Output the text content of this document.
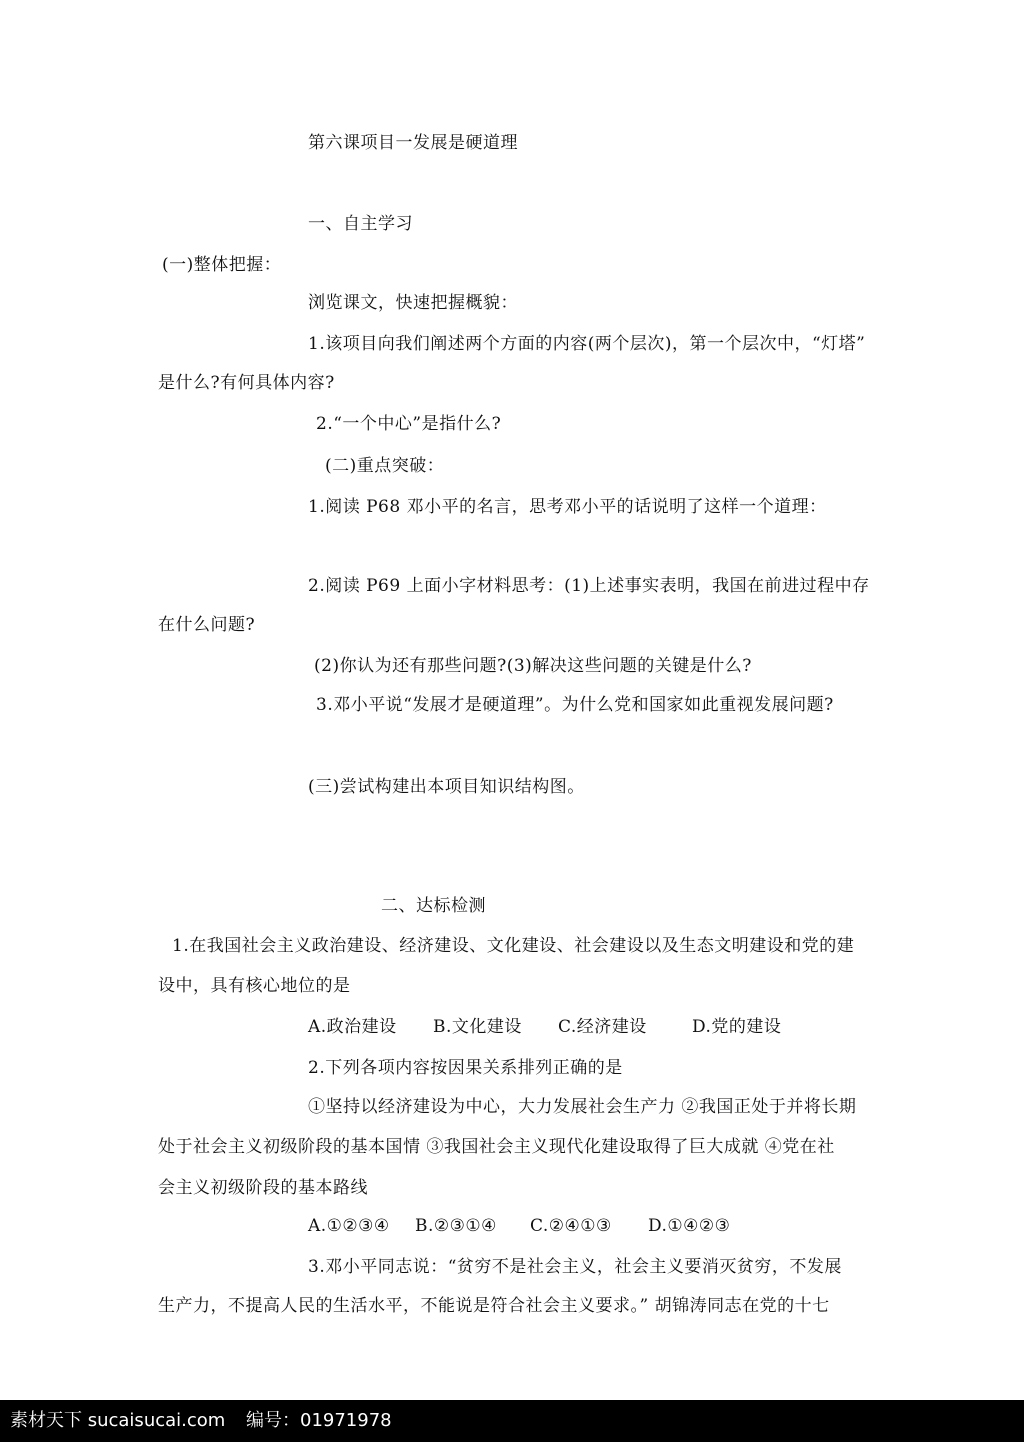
第六课项目一发展是硬道理
一、自主学习
(一)整体把握：
浏览课文，快速把握概貌：
1.该项目向我们阐述两个方面的内容(两个层次)，第一个层次中，“灯塔”
是什么?有何具体内容?
2.“一个中心”是指什么?
(二)重点突破：
1.阅读 P68 邓小平的名言，思考邓小平的话说明了这样一个道理：
2.阅读 P69 上面小字材料思考：(1)上述事实表明，我国在前进过程中存
在什么问题?
(2)你认为还有那些问题?(3)解决这些问题的关键是什么?
3.邓小平说“发展才是硬道理”。为什么党和国家如此重视发展问题?
(三)尝试构建出本项目知识结构图。
二、达标检测
1.在我国社会主义政治建设、经济建设、文化建设、社会建设以及生态文明建设和党的建
设中，具有核心地位的是
A.政治建设 B.文化建设 C.经济建设	D.党的建设
2.下列各项内容按因果关系排列正确的是
①坚持以经济建设为中心，大力发展社会生产力 ②我国正处于并将长期
处于社会主义初级阶段的基本国情 ③我国社会主义现代化建设取得了巨大成就 ④党在社
会主义初级阶段的基本路线
A.①②③④ B.②③①④ C.②④①③ D.①④②③
3.邓小平同志说：“贫穷不是社会主义，社会主义要消灭贫穷，不发展
生产力，不提高人民的生活水平，不能说是符合社会主义要求。” 胡锦涛同志在党的十七
素材天下 sucaisucai.com 编号：01971978
